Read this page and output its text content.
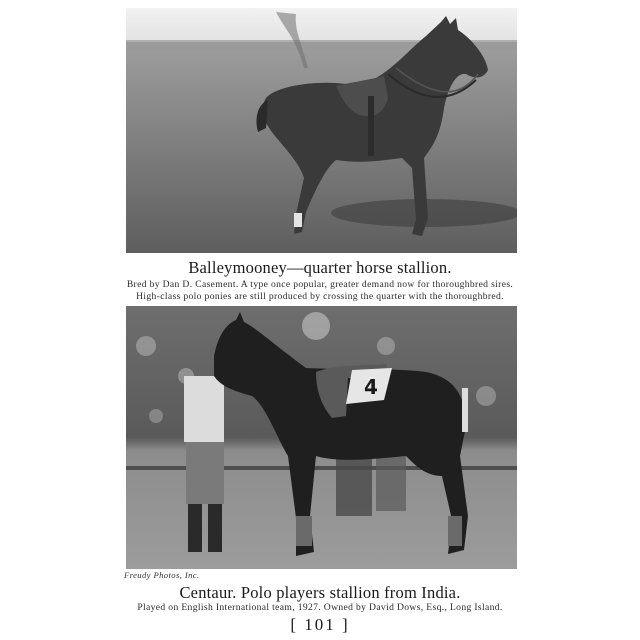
Balleymooney—quarter horse stallion.
Bred by Dan D. Casement. A type once popular, greater demand now for thoroughbred sires.
High-class polo ponies are still produced by crossing the quarter with the thoroughbred.
4
Freudy Photos, Inc.
Centaur. Polo players stallion from India.
Played on English International team, 1927. Owned by David Dows, Esq., Long Island.
[ 101 ]
